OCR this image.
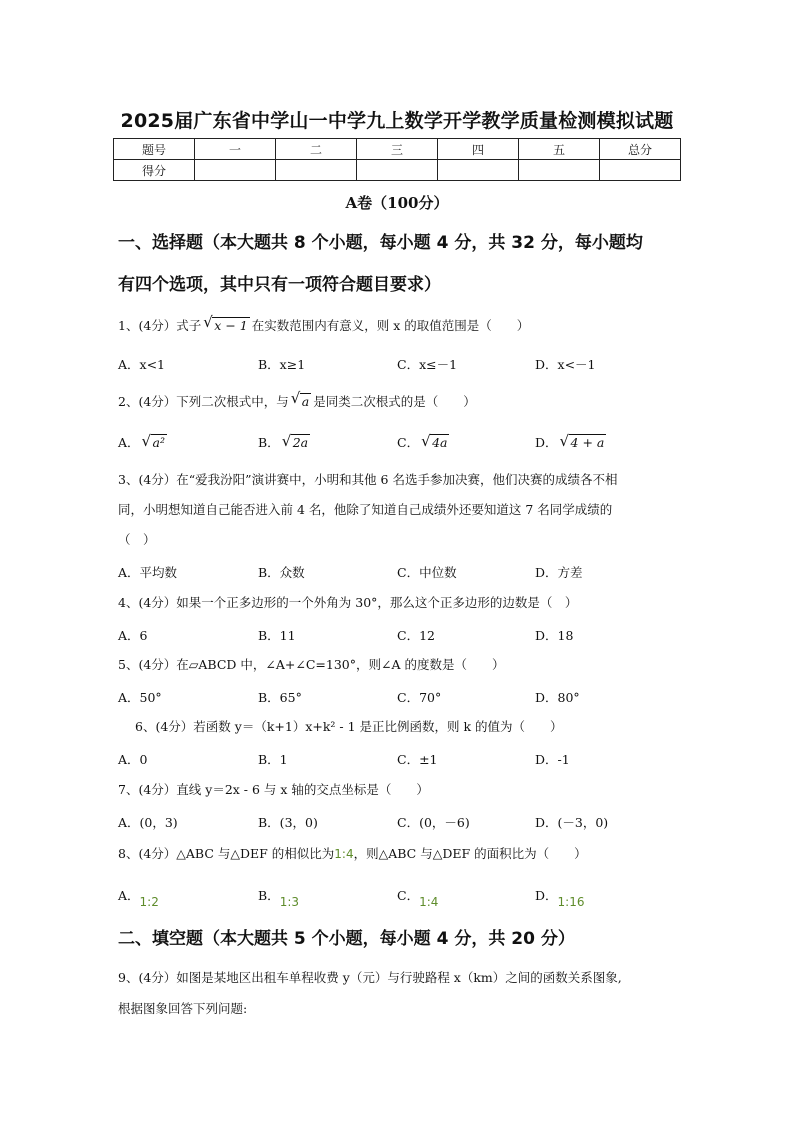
2025届广东省中学山一中学九上数学开学教学质量检测模拟试题
题号	一	二	三	四	五	总分
得分						
A卷（100分）
一、选择题（本大题共 8 个小题，每小题 4 分，共 32 分，每小题均
有四个选项，其中只有一项符合题目要求）
1、(4分）式子 √ x − 1 在实数范围内有意义，则 x 的取值范围是（　　）
A．x<1	B．x≥1	C．x≤－1	D．x<－1
2、(4分）下列二次根式中，与 √ a 是同类二次根式的是（　　）
A． √ a²	B． √ 2a	C． √ 4a	D． √ 4 + a
3、(4分）在“爱我汾阳”演讲赛中，小明和其他 6 名选手参加决赛，他们决赛的成绩各不相
同，小明想知道自己能否进入前 4 名，他除了知道自己成绩外还要知道这 7 名同学成绩的
（　）
A．平均数	B．众数	C．中位数	D．方差
4、(4分）如果一个正多边形的一个外角为 30°，那么这个正多边形的边数是（　）
A．6	B．11	C．12	D．18
5、(4分）在▱ABCD 中，∠A+∠C=130°，则∠A 的度数是（　　）
A．50°	B．65°	C．70°	D．80°
6、(4分）若函数 y＝（k+1）x+k² - 1 是正比例函数，则 k 的值为（　　）
A．0	B．1	C．±1	D．-1
7、(4分）直线 y＝2x - 6 与 x 轴的交点坐标是（　　）
A．(0，3)	B．(3，0)	C．(0，－6)	D．(－3，0)
8、(4分）△ABC 与△DEF 的相似比为1:4，则△ABC 与△DEF 的面积比为（　　）
A．1:2	B．1:3	C．1:4	D．1:16
二、填空题（本大题共 5 个小题，每小题 4 分，共 20 分）
9、(4分）如图是某地区出租车单程收费 y（元）与行驶路程 x（km）之间的函数关系图象,
根据图象回答下列问题:
